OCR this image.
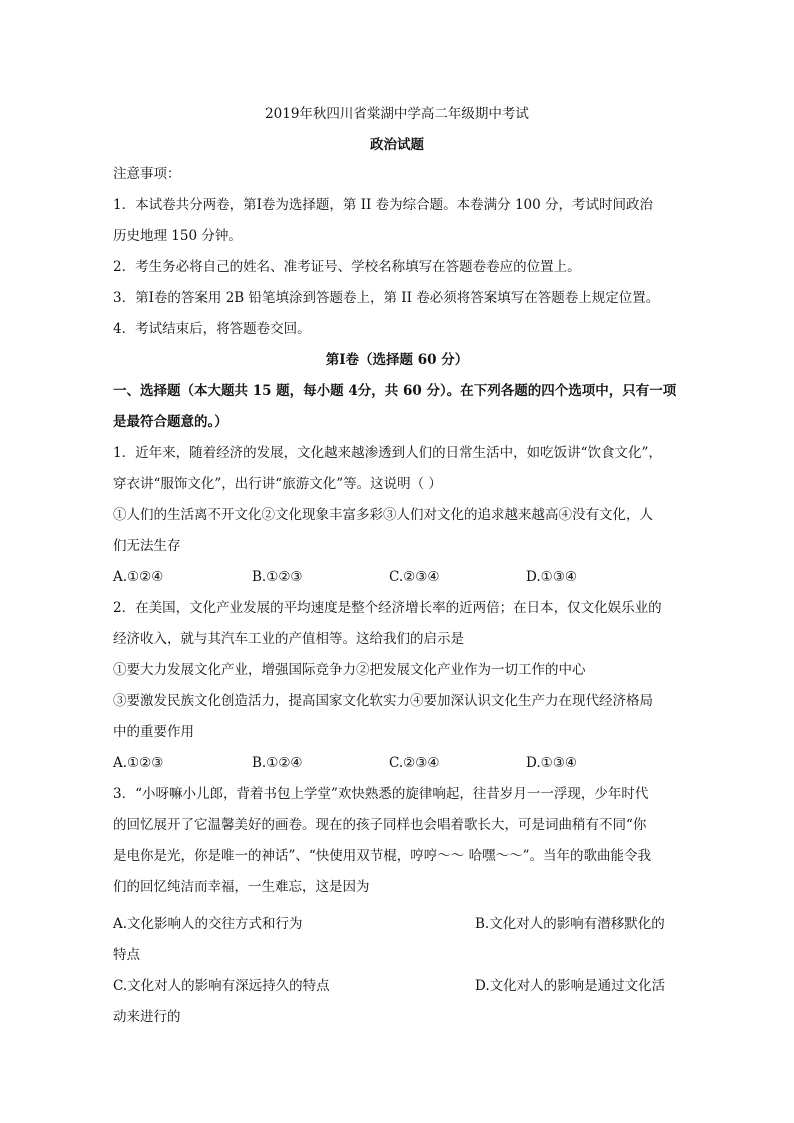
2019年秋四川省棠湖中学高二年级期中考试
政治试题
注意事项：
1．本试卷共分两卷，第Ⅰ卷为选择题，第 II 卷为综合题。本卷满分 100 分，考试时间政治
历史地理 150 分钟。
2．考生务必将自己的姓名、准考证号、学校名称填写在答题卷卷应的位置上。
3．第Ⅰ卷的答案用 2B 铅笔填涂到答题卷上，第 II 卷必须将答案填写在答题卷上规定位置。
4．考试结束后，将答题卷交回。
第Ⅰ卷（选择题 60 分）
一、选择题（本大题共 15 题，每小题 4分，共 60 分）。在下列各题的四个选项中，只有一项
是最符合题意的。）
1．近年来，随着经济的发展，文化越来越渗透到人们的日常生活中，如吃饭讲“饮食文化”，
穿衣讲“服饰文化”，出行讲“旅游文化”等。这说明（ ）
①人们的生活离不开文化②文化现象丰富多彩③人们对文化的追求越来越高④没有文化，人
们无法生存
A.①②④	B.①②③	C.②③④	D.①③④
2．在美国，文化产业发展的平均速度是整个经济增长率的近两倍；在日本，仅文化娱乐业的
经济收入，就与其汽车工业的产值相等。这给我们的启示是
①要大力发展文化产业，增强国际竞争力②把发展文化产业作为一切工作的中心
③要激发民族文化创造活力，提高国家文化软实力④要加深认识文化生产力在现代经济格局
中的重要作用
A.①②③	B.①②④	C.②③④	D.①③④
3．“小呀嘛小儿郎，背着书包上学堂”欢快熟悉的旋律响起，往昔岁月一一浮现，少年时代
的回忆展开了它温馨美好的画卷。现在的孩子同样也会唱着歌长大，可是词曲稍有不同“你
是电你是光，你是唯一的神话”、“快使用双节棍，哼哼～～ 哈嘿～～”。当年的歌曲能令我
们的回忆纯洁而幸福，一生难忘，这是因为
A.文化影响人的交往方式和行为	B.文化对人的影响有潜移默化的
特点
C.文化对人的影响有深远持久的特点	D.文化对人的影响是通过文化活
动来进行的
